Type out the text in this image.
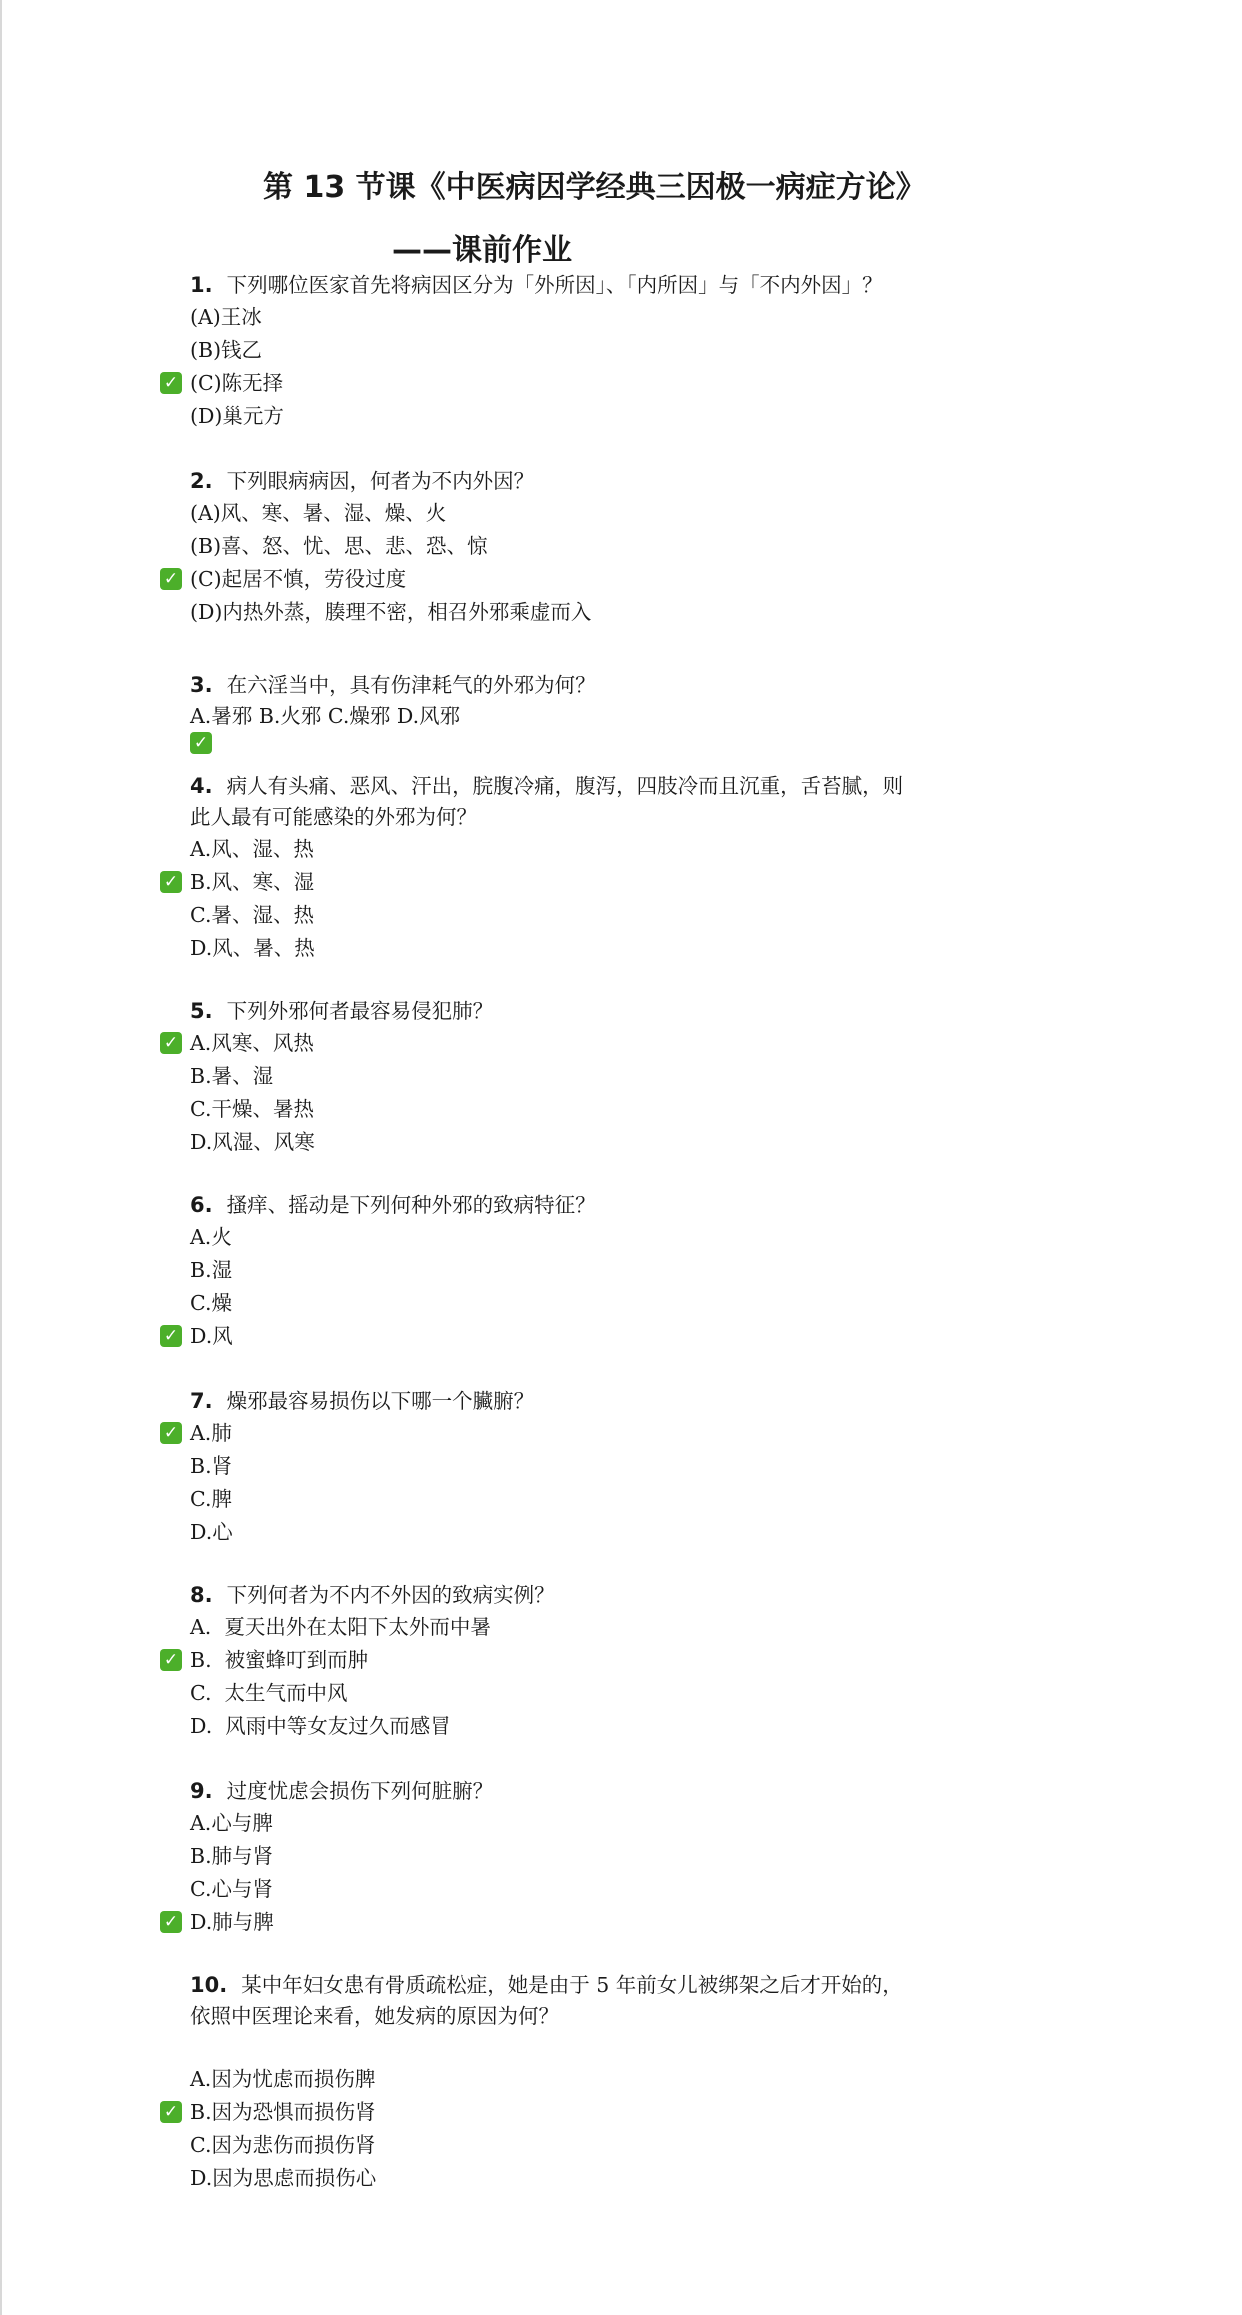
第 13 节课《中医病因学经典三因极一病症方论》
——课前作业

1. 下列哪位医家首先将病因区分为「外所因」、「内所因」与「不内外因」？

(A)王冰
(B)钱乙
✓ (C)陈无择
(D)巢元方

2. 下列眼病病因，何者为不内外因？

(A)风、寒、暑、湿、燥、火
(B)喜、怒、忧、思、悲、恐、惊
✓ (C)起居不慎，劳役过度
(D)内热外蒸，腠理不密，相召外邪乘虚而入

3. 在六淫当中，具有伤津耗气的外邪为何？

A.暑邪 B.火邪 C.燥邪 D.风邪
✓

4. 病人有头痛、恶风、汗出，脘腹冷痛，腹泻，四肢冷而且沉重，舌苔腻，则

此人最有可能感染的外邪为何？

A.风、湿、热
✓ B.风、寒、湿
C.暑、湿、热
D.风、暑、热

5. 下列外邪何者最容易侵犯肺？

✓ A.风寒、风热
B.暑、湿
C.干燥、暑热
D.风湿、风寒

6. 搔痒、摇动是下列何种外邪的致病特征？

A.火
B.湿
C.燥
✓ D.风

7. 燥邪最容易损伤以下哪一个臟腑？

✓ A.肺
B.肾
C.脾
D.心

8. 下列何者为不内不外因的致病实例？

A.  夏天出外在太阳下太外而中暑
✓ B.  被蜜蜂叮到而肿
C.  太生气而中风
D.  风雨中等女友过久而感冒

9. 过度忧虑会损伤下列何脏腑？

A.心与脾
B.肺与肾
C.心与肾
✓ D.肺与脾

10. 某中年妇女患有骨质疏松症，她是由于 5 年前女儿被绑架之后才开始的，

依照中医理论来看，她发病的原因为何？

A.因为忧虑而损伤脾
✓ B.因为恐惧而损伤肾
C.因为悲伤而损伤肾
D.因为思虑而损伤心
